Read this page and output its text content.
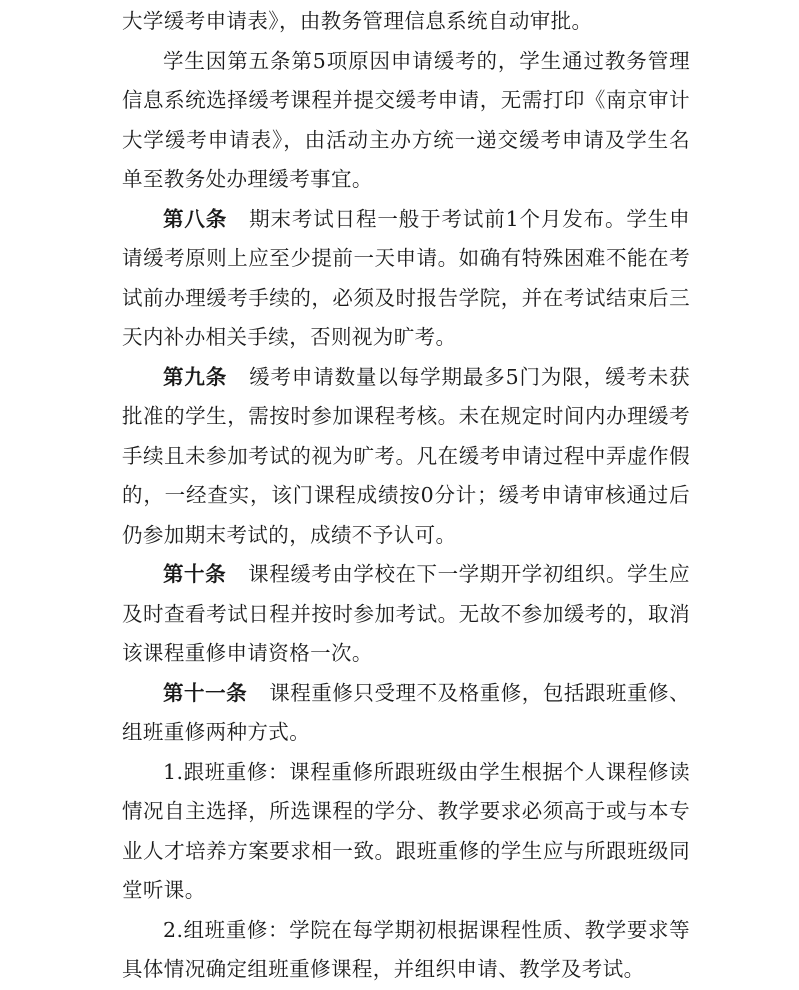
大学缓考申请表》，由教务管理信息系统自动审批。

学生因第五条第5项原因申请缓考的，学生通过教务管理信息系统选择缓考课程并提交缓考申请，无需打印《南京审计大学缓考申请表》，由活动主办方统一递交缓考申请及学生名单至教务处办理缓考事宜。

第八条 期末考试日程一般于考试前1个月发布。学生申请缓考原则上应至少提前一天申请。如确有特殊困难不能在考试前办理缓考手续的，必须及时报告学院，并在考试结束后三天内补办相关手续，否则视为旷考。

第九条 缓考申请数量以每学期最多5门为限，缓考未获批准的学生，需按时参加课程考核。未在规定时间内办理缓考手续且未参加考试的视为旷考。凡在缓考申请过程中弄虚作假的，一经查实，该门课程成绩按0分计；缓考申请审核通过后仍参加期末考试的，成绩不予认可。

第十条 课程缓考由学校在下一学期开学初组织。学生应及时查看考试日程并按时参加考试。无故不参加缓考的，取消该课程重修申请资格一次。

第十一条 课程重修只受理不及格重修，包括跟班重修、组班重修两种方式。

1.跟班重修：课程重修所跟班级由学生根据个人课程修读情况自主选择，所选课程的学分、教学要求必须高于或与本专业人才培养方案要求相一致。跟班重修的学生应与所跟班级同堂听课。

2.组班重修：学院在每学期初根据课程性质、教学要求等具体情况确定组班重修课程，并组织申请、教学及考试。
